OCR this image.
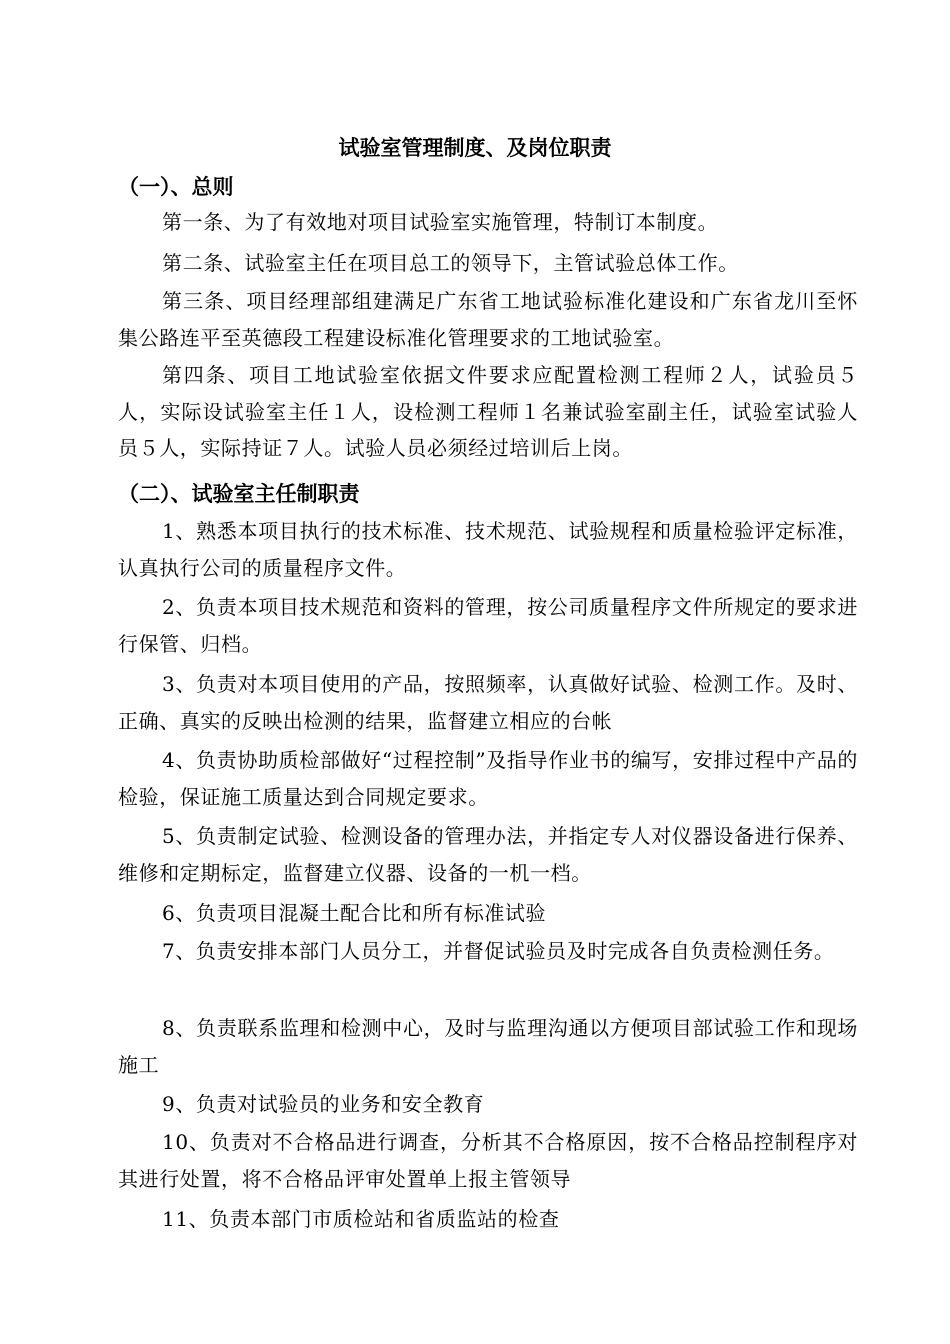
试验室管理制度、及岗位职责
（一）、总则

第一条、为了有效地对项目试验室实施管理，特制订本制度。

第二条、试验室主任在项目总工的领导下，主管试验总体工作。

第三条、项目经理部组建满足广东省工地试验标准化建设和广东省龙川至怀集公路连平至英德段工程建设标准化管理要求的工地试验室。

第四条、项目工地试验室依据文件要求应配置检测工程师２人，试验员５人，实际设试验室主任１人，设检测工程师１名兼试验室副主任，试验室试验人员５人，实际持证７人。试验人员必须经过培训后上岗。

（二）、试验室主任制职责

1、熟悉本项目执行的技术标准、技术规范、试验规程和质量检验评定标准，认真执行公司的质量程序文件。

2、负责本项目技术规范和资料的管理，按公司质量程序文件所规定的要求进行保管、归档。

3、负责对本项目使用的产品，按照频率，认真做好试验、检测工作。及时、正确、真实的反映出检测的结果，监督建立相应的台帐

4、负责协助质检部做好“过程控制”及指导作业书的编写，安排过程中产品的检验，保证施工质量达到合同规定要求。

5、负责制定试验、检测设备的管理办法，并指定专人对仪器设备进行保养、维修和定期标定，监督建立仪器、设备的一机一档。

6、负责项目混凝土配合比和所有标准试验

7、负责安排本部门人员分工，并督促试验员及时完成各自负责检测任务。

8、负责联系监理和检测中心，及时与监理沟通以方便项目部试验工作和现场施工

9、负责对试验员的业务和安全教育

10、负责对不合格品进行调查，分析其不合格原因，按不合格品控制程序对其进行处置，将不合格品评审处置单上报主管领导

11、负责本部门市质检站和省质监站的检查
